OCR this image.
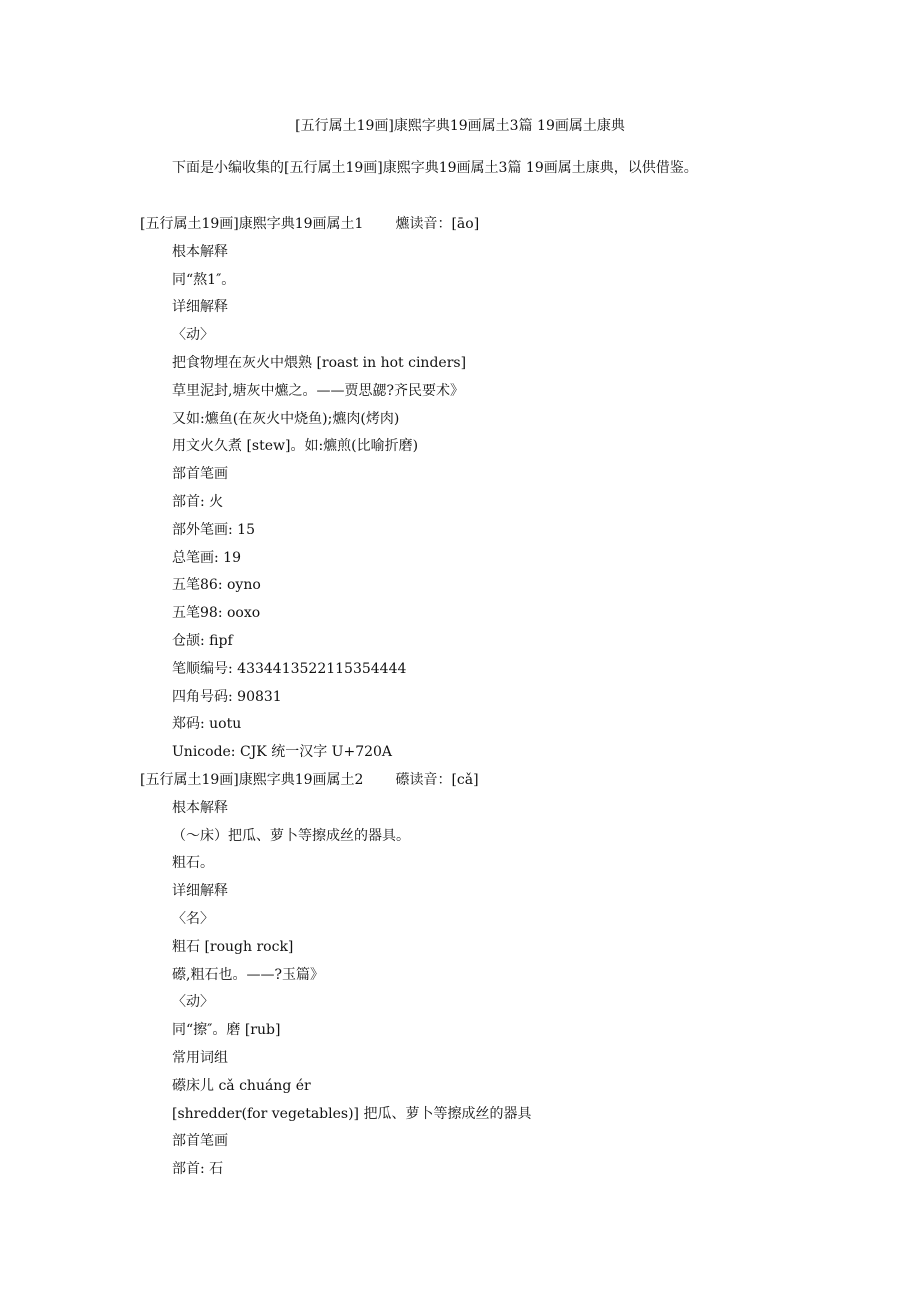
[五行属土19画]康熙字典19画属土3篇 19画属土康典
下面是小编收集的[五行属土19画]康熙字典19画属土3篇 19画属土康典，以供借鉴。
[五行属土19画]康熙字典19画属土1 爊读音：[āo]
根本解释
同“熬1″。
详细解释
〈动〉
把食物埋在灰火中煨熟 [roast in hot cinders]
草里泥封,塘灰中爊之。——贾思勰?齐民要术》
又如:爊鱼(在灰火中烧鱼);爊肉(烤肉)
用文火久煮 [stew]。如:爊煎(比喻折磨)
部首笔画
部首: 火
部外笔画: 15
总笔画: 19
五笔86: oyno
五笔98: ooxo
仓颉: fipf
笔顺编号: 4334413522115354444
四角号码: 90831
郑码: uotu
Unicode: CJK 统一汉字 U+720A
[五行属土19画]康熙字典19画属土2 礤读音：[cǎ]
根本解释
（～床）把瓜、萝卜等擦成丝的器具。
粗石。
详细解释
〈名〉
粗石 [rough rock]
礤,粗石也。——?玉篇》
〈动〉
同“擦″。磨 [rub]
常用词组
礤床儿 cǎ chuáng ér
[shredder(for vegetables)] 把瓜、萝卜等擦成丝的器具
部首笔画
部首: 石
